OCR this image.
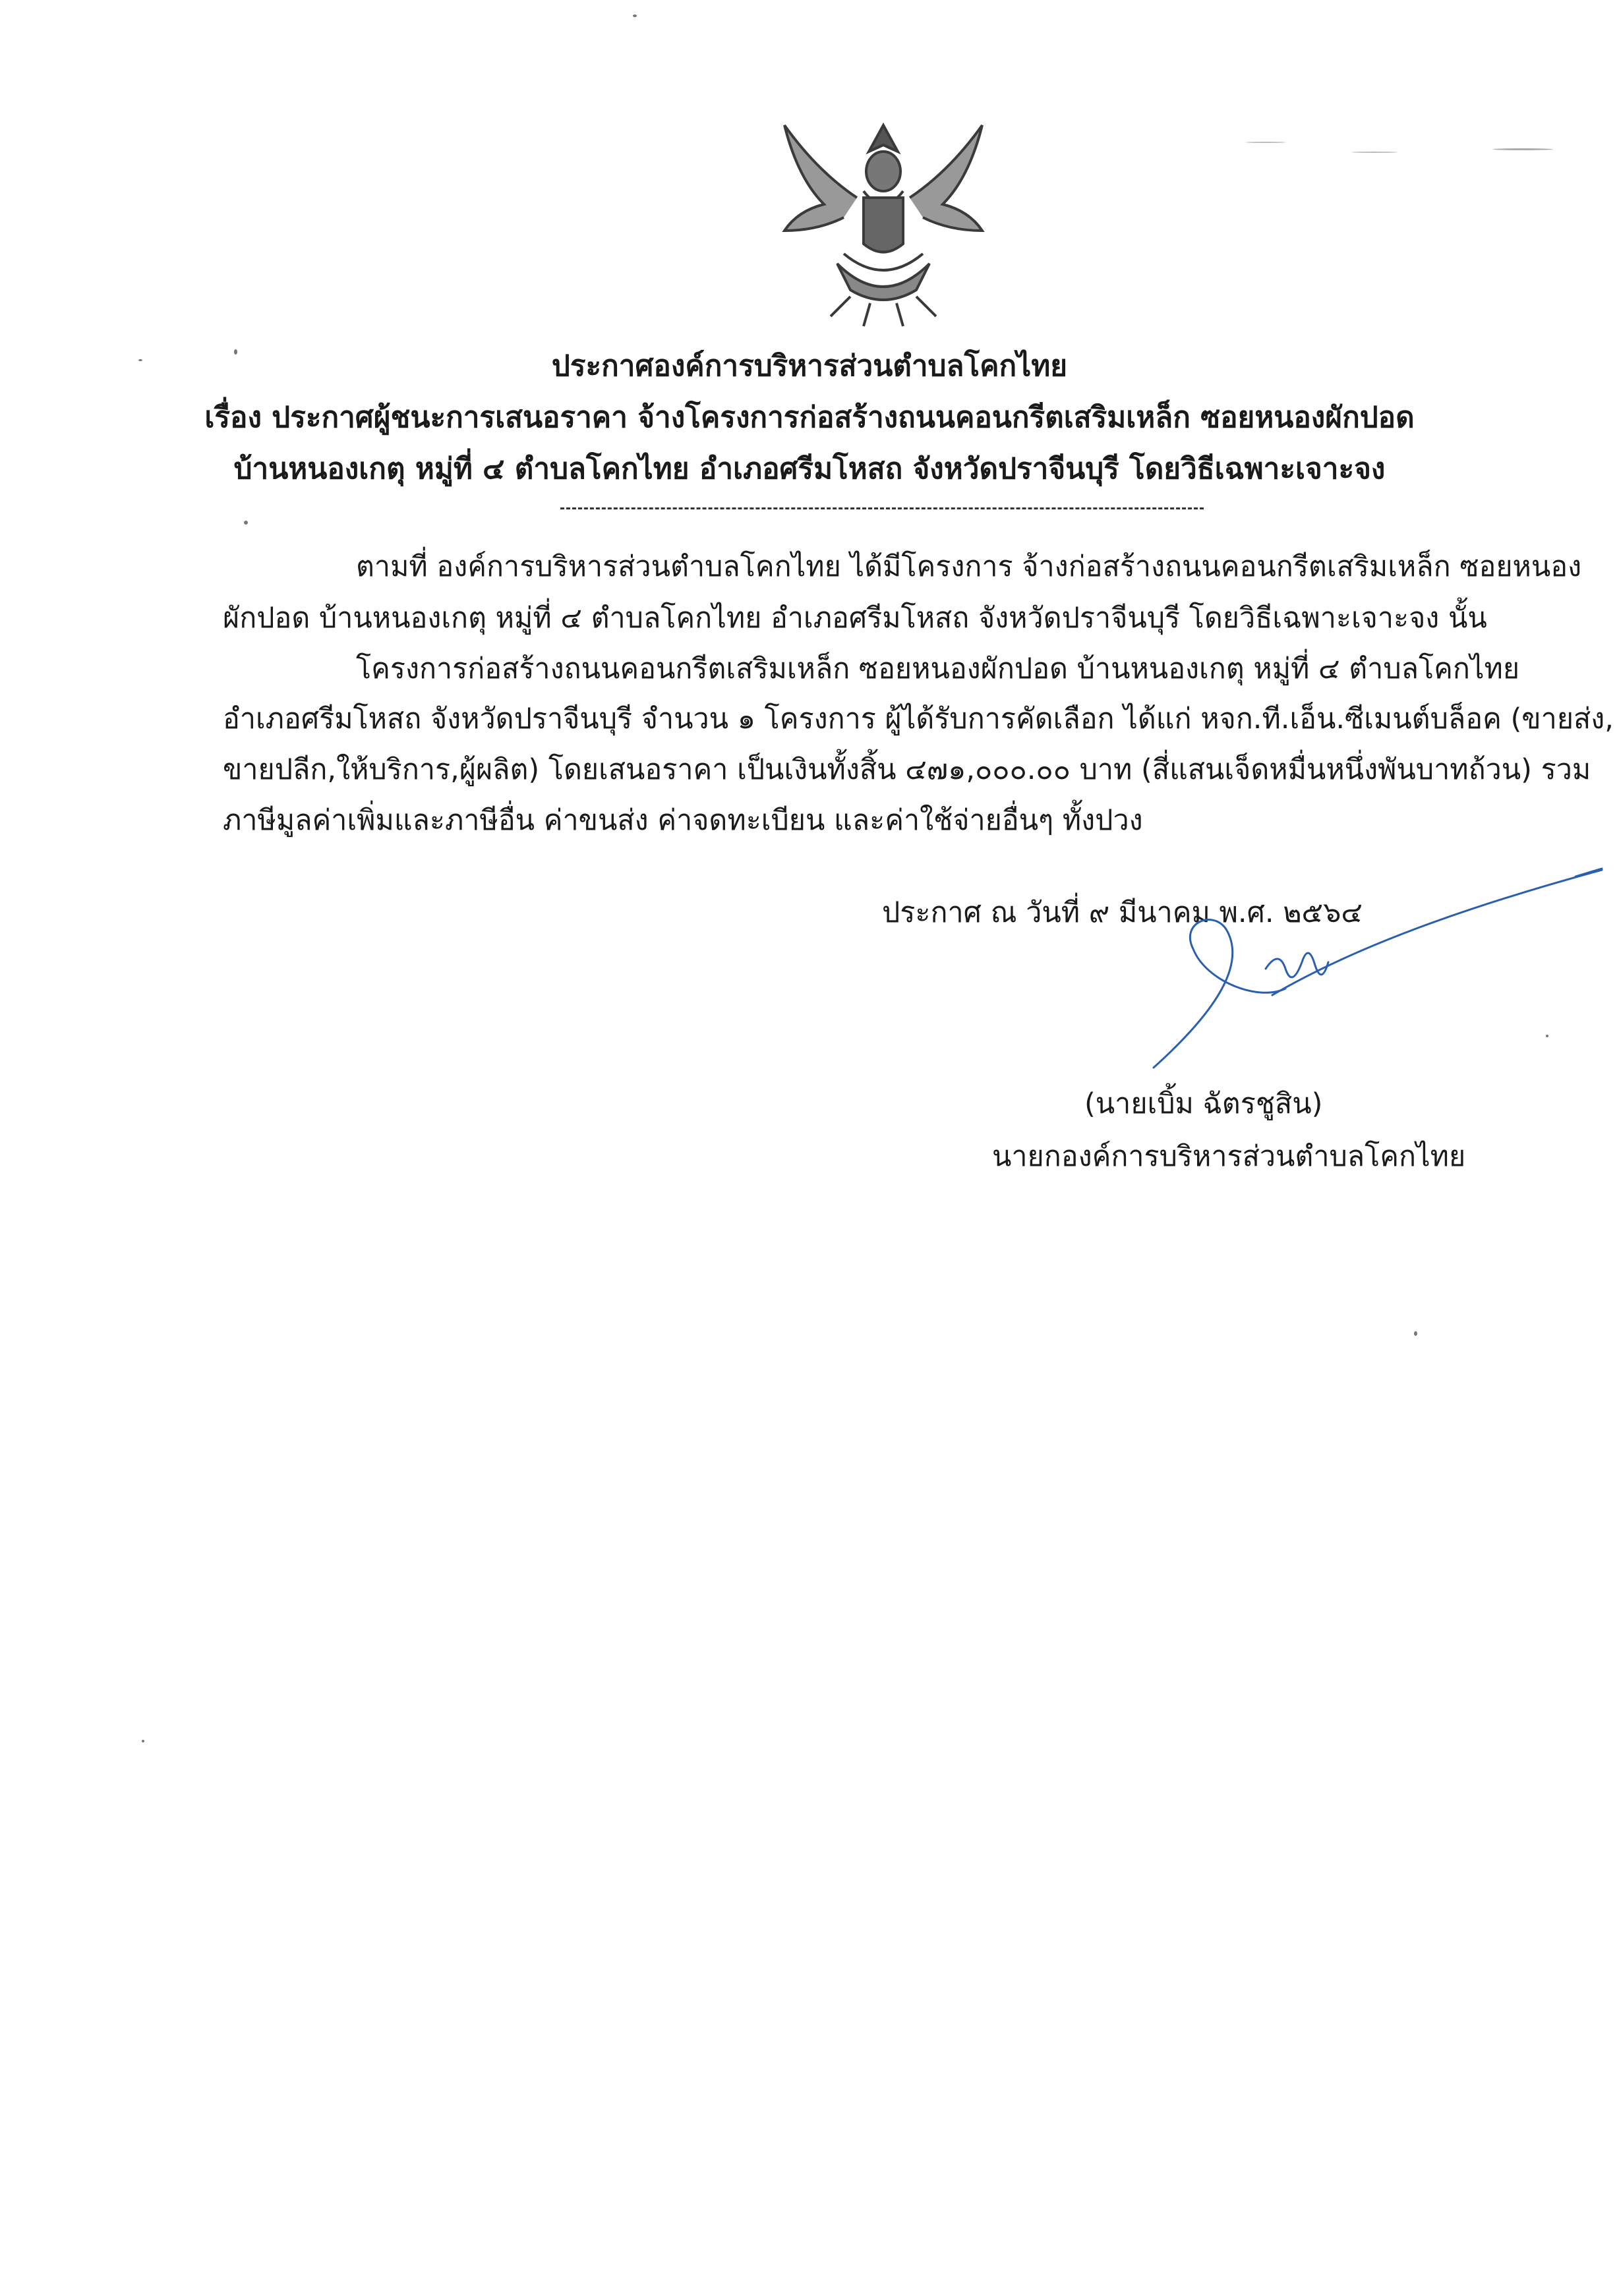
ประกาศองค์การบริหารส่วนตำบลโคกไทย
เรื่อง ประกาศผู้ชนะการเสนอราคา จ้างโครงการก่อสร้างถนนคอนกรีตเสริมเหล็ก ซอยหนองผักปอด
บ้านหนองเกตุ หมู่ที่ ๔ ตำบลโคกไทย อำเภอศรีมโหสถ จังหวัดปราจีนบุรี โดยวิธีเฉพาะเจาะจง
ตามที่ องค์การบริหารส่วนตำบลโคกไทย ได้มีโครงการ จ้างก่อสร้างถนนคอนกรีตเสริมเหล็ก ซอยหนอง
ผักปอด บ้านหนองเกตุ หมู่ที่ ๔ ตำบลโคกไทย อำเภอศรีมโหสถ จังหวัดปราจีนบุรี โดยวิธีเฉพาะเจาะจง นั้น
โครงการก่อสร้างถนนคอนกรีตเสริมเหล็ก ซอยหนองผักปอด บ้านหนองเกตุ หมู่ที่ ๔ ตำบลโคกไทย
อำเภอศรีมโหสถ จังหวัดปราจีนบุรี จำนวน ๑ โครงการ ผู้ได้รับการคัดเลือก ได้แก่ หจก.ที.เอ็น.ซีเมนต์บล็อค (ขายส่ง,
ขายปลีก,ให้บริการ,ผู้ผลิต) โดยเสนอราคา เป็นเงินทั้งสิ้น ๔๗๑,๐๐๐.๐๐ บาท (สี่แสนเจ็ดหมื่นหนึ่งพันบาทถ้วน) รวม
ภาษีมูลค่าเพิ่มและภาษีอื่น ค่าขนส่ง ค่าจดทะเบียน และค่าใช้จ่ายอื่นๆ ทั้งปวง
ประกาศ ณ วันที่ ๙ มีนาคม พ.ศ. ๒๕๖๔
(นายเบิ้ม ฉัตรชูสิน)
นายกองค์การบริหารส่วนตำบลโคกไทย
